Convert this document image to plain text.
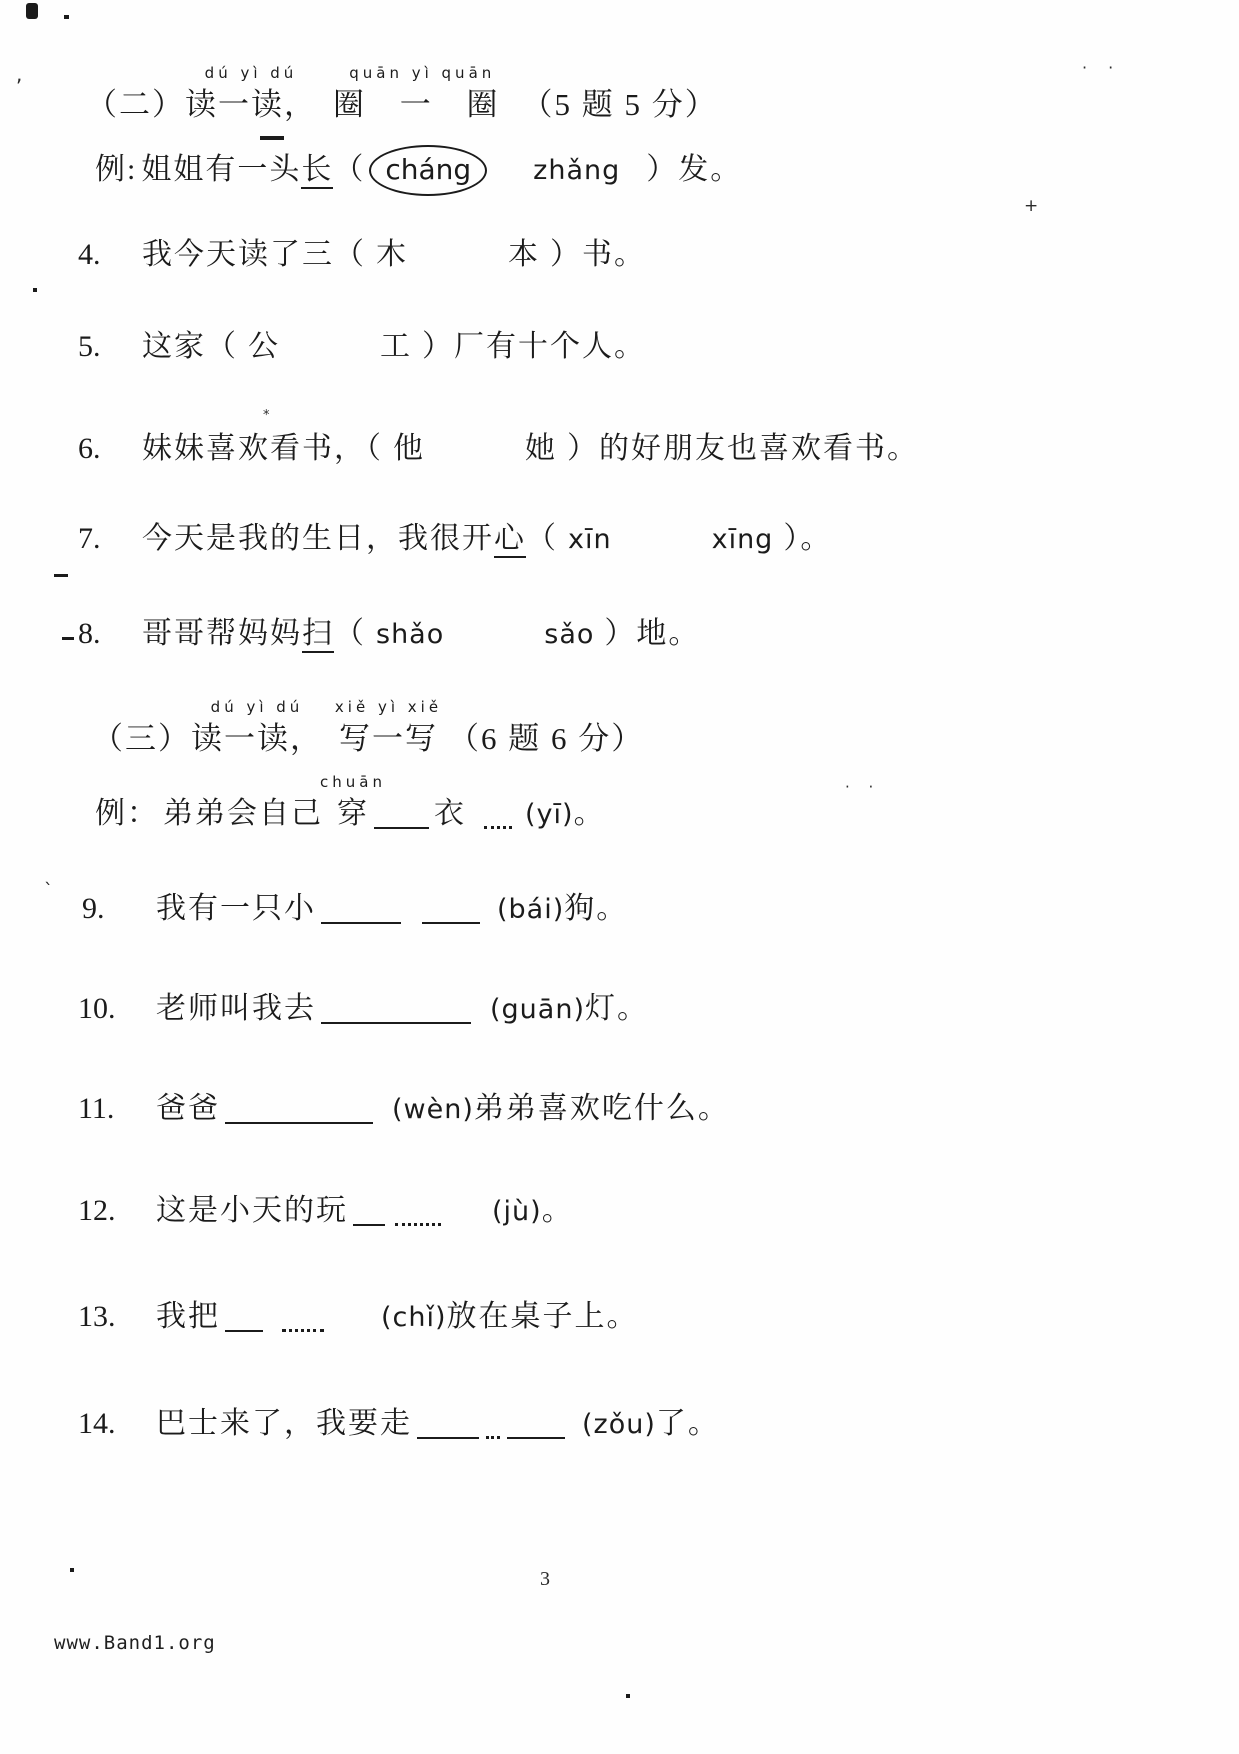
（二）
dú yì dú
读一读，
quān yì quān
圈 一 圈 （5 题 5 分）
例: 姐姐有一头长（ cháng zhǎng ）发。
4. 我今天读了三（ 木	本 ）书。
5. 这家（ 公	工 ）厂有十个人。
6. 妹妹喜欢看书，（ 他	她 ）的好朋友也喜欢看书。
7. 今天是我的生日，我很开心（ xīn	xīng ）。
8. 哥哥帮妈妈扫（ shǎo	sǎo ）地。
（三）
dú yì dú
读一读，
xiě yì xiě
写一写 （6 题 6 分）
例： 弟弟会自己
chuān
穿 衣 (yī)。
9. 我有一只小	(bái)狗。
10. 老师叫我去	(guān)灯。
11. 爸爸	(wèn)弟弟喜欢吃什么。
12. 这是小天的玩	(jù)。
13. 我把	(chǐ)放在桌子上。
14. 巴士来了，我要走	(zǒu)了。
3
www.Band1.org
,	· ·
+
*
· ·
`
